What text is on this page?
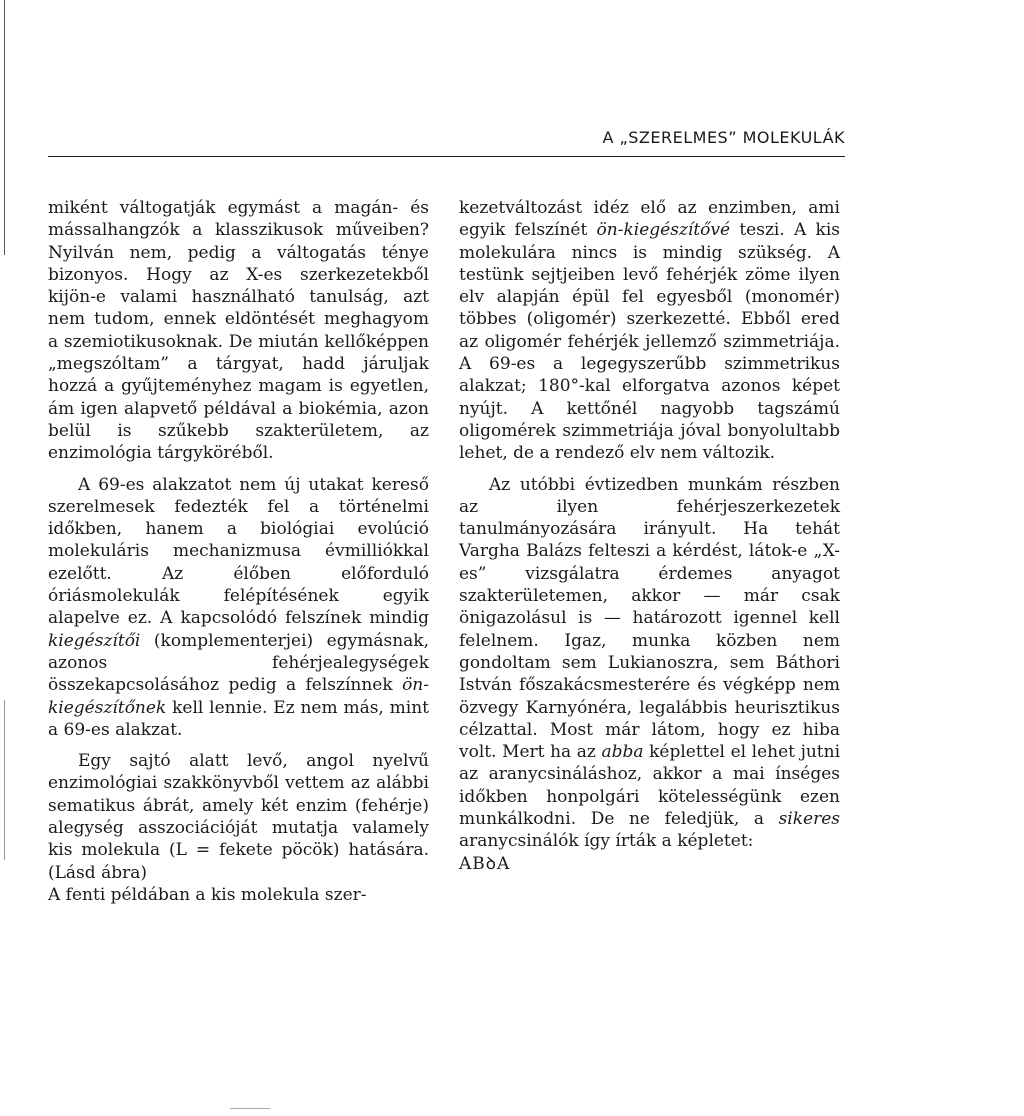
A „SZERELMES” MOLEKULÁK

miként váltogatják egymást a magán- és mássalhangzók a klasszikusok műveiben? Nyilván nem, pedig a váltogatás ténye bizonyos. Hogy az X-es szerkezetekből kijön-e valami használható tanulság, azt nem tudom, ennek eldöntését meghagyom a szemiotikusoknak. De miután kellőképpen „megszóltam” a tárgyat, hadd járuljak hozzá a gyűjteményhez magam is egyetlen, ám igen alapvető példával a biokémia, azon belül is szűkebb szakterületem, az enzimológia tárgyköréből.

A 69-es alakzatot nem új utakat kereső szerelmesek fedezték fel a történelmi időkben, hanem a biológiai evolúció molekuláris mechanizmusa évmilliókkal ezelőtt. Az élőben előforduló óriásmolekulák felépítésének egyik alapelve ez. A kapcsolódó felszínek mindig kiegészítői (komplementerjei) egymásnak, azonos fehérjealegységek összekapcsolásához pedig a felszínnek ön-kiegészítőnek kell lennie. Ez nem más, mint a 69-es alakzat.

Egy sajtó alatt levő, angol nyelvű enzimológiai szakkönyvből vettem az alábbi sematikus ábrát, amely két enzim (fehérje) alegység asszociációját mutatja valamely kis molekula (L = fekete pöcök) hatására. (Lásd ábra)

A fenti példában a kis molekula szer-

kezetváltozást idéz elő az enzimben, ami egyik felszínét ön-kiegészítővé teszi. A kis molekulára nincs is mindig szükség. A testünk sejtjeiben levő fehérjék zöme ilyen elv alapján épül fel egyesből (monomér) többes (oligomér) szerkezetté. Ebből ered az oligomér fehérjék jellemző szimmetriája. A 69-es a legegyszerűbb szimmetrikus alakzat; 180°-kal elforgatva azonos képet nyújt. A kettőnél nagyobb tagszámú oligomérek szimmetriája jóval bonyolultabb lehet, de a rendező elv nem változik.

Az utóbbi évtizedben munkám részben az ilyen fehérjeszerkezetek tanulmányozására irányult. Ha tehát Vargha Balázs felteszi a kérdést, látok-e „X-es” vizsgálatra érdemes anyagot szakterületemen, akkor — már csak önigazolásul is — határozott igennel kell felelnem. Igaz, munka közben nem gondoltam sem Lukianoszra, sem Báthori István főszakácsmesterére és végképp nem özvegy Karnyónéra, legalábbis heurisztikus célzattal. Most már látom, hogy ez hiba volt. Mert ha az abba képlettel el lehet jutni az aranycsináláshoz, akkor a mai ínséges időkben honpolgári kötelességünk ezen munkálkodni. De ne feledjük, a sikeres aranycsinálók így írták a képletet:
ABꝺA
